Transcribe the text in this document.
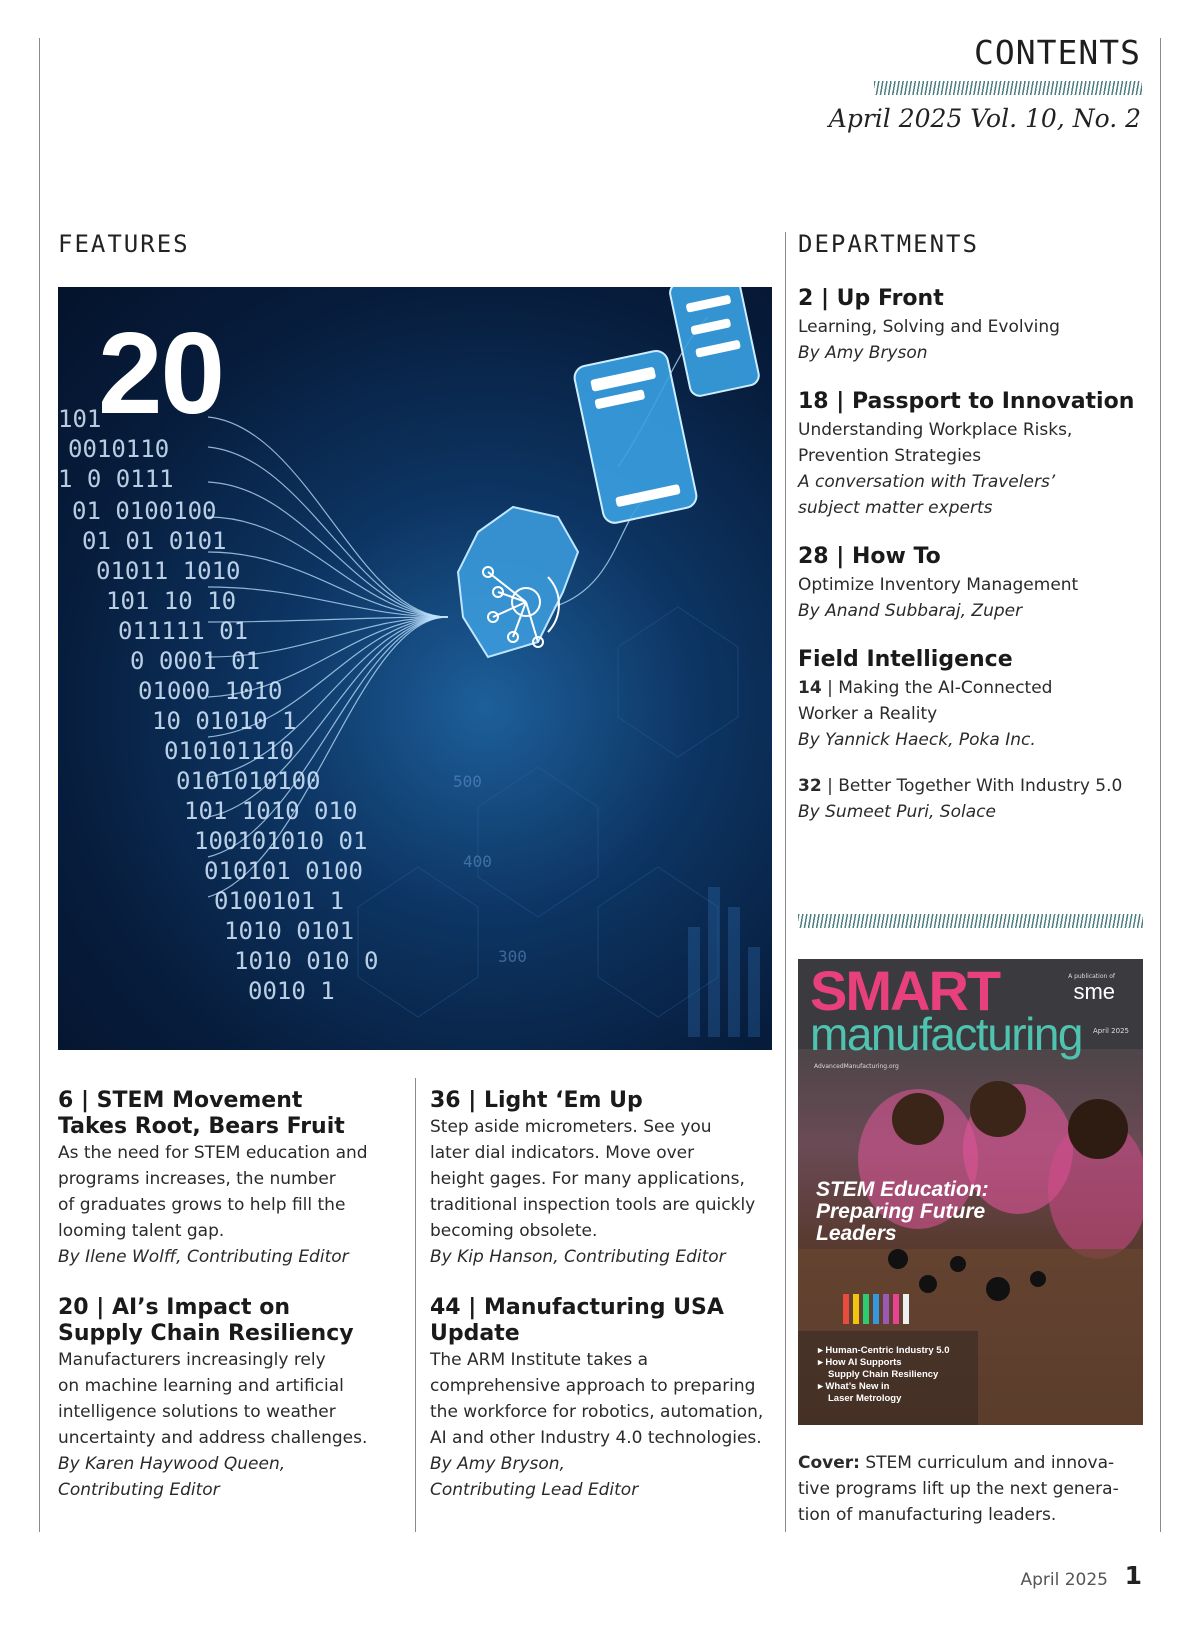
CONTENTS
April 2025 Vol. 10, No. 2
FEATURES	DEPARTMENTS
101
0010110
1 0 0111
01 0100100
01 01 0101
01011 1010
101 10 10
011111 01
0 0001 01
01000 1010
10 01010 1
010101110
0101010100
101 1010 010
100101010 01
010101 0100
0100101 1
1010 0101
1010 010 0
0010 1
500
400
300
20
6 | STEM Movement
Takes Root, Bears Fruit
As the need for STEM education and
programs increases, the number
of graduates grows to help fill the
looming talent gap.
By Ilene Wolff, Contributing Editor
36 | Light ‘Em Up
Step aside micrometers. See you
later dial indicators. Move over
height gages. For many applications,
traditional inspection tools are quickly
becoming obsolete.
By Kip Hanson, Contributing Editor
20 | AI’s Impact on
Supply Chain Resiliency
Manufacturers increasingly rely
on machine learning and artificial
intelligence solutions to weather
uncertainty and address challenges.
By Karen Haywood Queen,
Contributing Editor
44 | Manufacturing USA
Update
The ARM Institute takes a
comprehensive approach to preparing
the workforce for robotics, automation,
AI and other Industry 4.0 technologies.
By Amy Bryson,
Contributing Lead Editor
2 | Up Front
Learning, Solving and Evolving
By Amy Bryson
18 | Passport to Innovation
Understanding Workplace Risks,
Prevention Strategies
A conversation with Travelers’
subject matter experts
28 | How To
Optimize Inventory Management
By Anand Subbaraj, Zuper
Field Intelligence
14 | Making the AI-Connected
Worker a Reality
By Yannick Haeck, Poka Inc.
32 | Better Together With Industry 5.0
By Sumeet Puri, Solace
SMART
manufacturing
A publication of
sme
April 2025
AdvancedManufacturing.org
STEM Education:
Preparing Future
Leaders
▸ Human-Centric Industry 5.0
▸ How AI Supports
Supply Chain Resiliency
▸ What’s New in
Laser Metrology
Cover: STEM curriculum and innova-tive programs lift up the next genera-tion of manufacturing leaders.
April 2025 1
